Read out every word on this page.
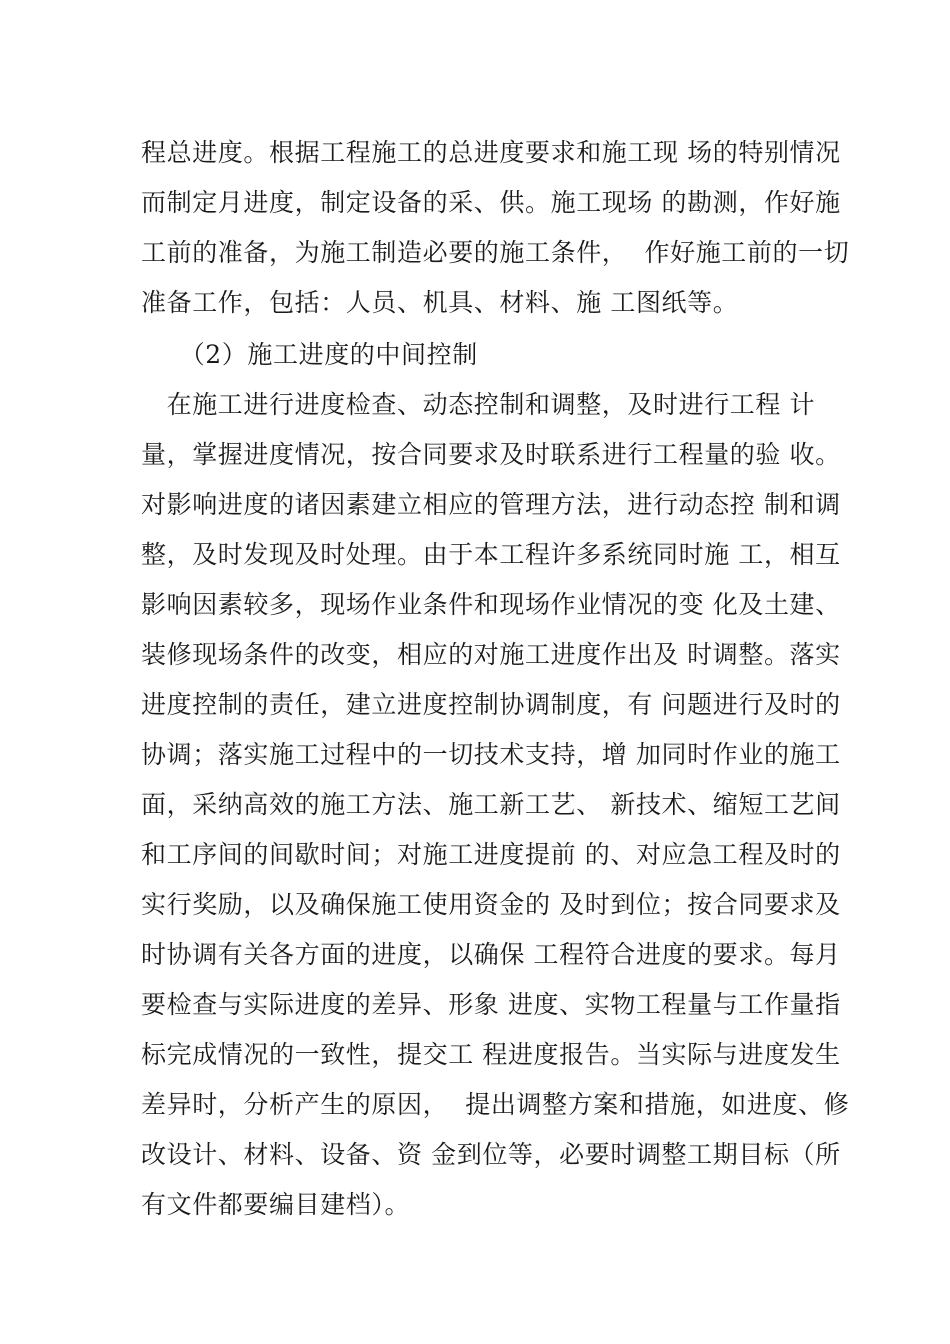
程总进度。根据工程施工的总进度要求和施工现 场的特别情况
而制定月进度，制定设备的采、供。施工现场 的勘测，作好施
工前的准备，为施工制造必要的施工条件，  作好施工前的一切
准备工作，包括：人员、机具、材料、施 工图纸等。
　　（2）施工进度的中间控制
　在施工进行进度检查、动态控制和调整，及时进行工程 计
量，掌握进度情况，按合同要求及时联系进行工程量的验 收。
对影响进度的诸因素建立相应的管理方法，进行动态控 制和调
整，及时发现及时处理。由于本工程许多系统同时施 工，相互
影响因素较多，现场作业条件和现场作业情况的变 化及土建、
装修现场条件的改变，相应的对施工进度作出及 时调整。落实
进度控制的责任，建立进度控制协调制度，有 问题进行及时的
协调；落实施工过程中的一切技术支持，增 加同时作业的施工
面，采纳高效的施工方法、施工新工艺、 新技术、缩短工艺间
和工序间的间歇时间；对施工进度提前 的、对应急工程及时的
实行奖励，以及确保施工使用资金的 及时到位；按合同要求及
时协调有关各方面的进度，以确保 工程符合进度的要求。每月
要检查与实际进度的差异、形象 进度、实物工程量与工作量指
标完成情况的一致性，提交工 程进度报告。当实际与进度发生
差异时，分析产生的原因，  提出调整方案和措施，如进度、修
改设计、材料、设备、资 金到位等，必要时调整工期目标（所
有文件都要编目建档）。
